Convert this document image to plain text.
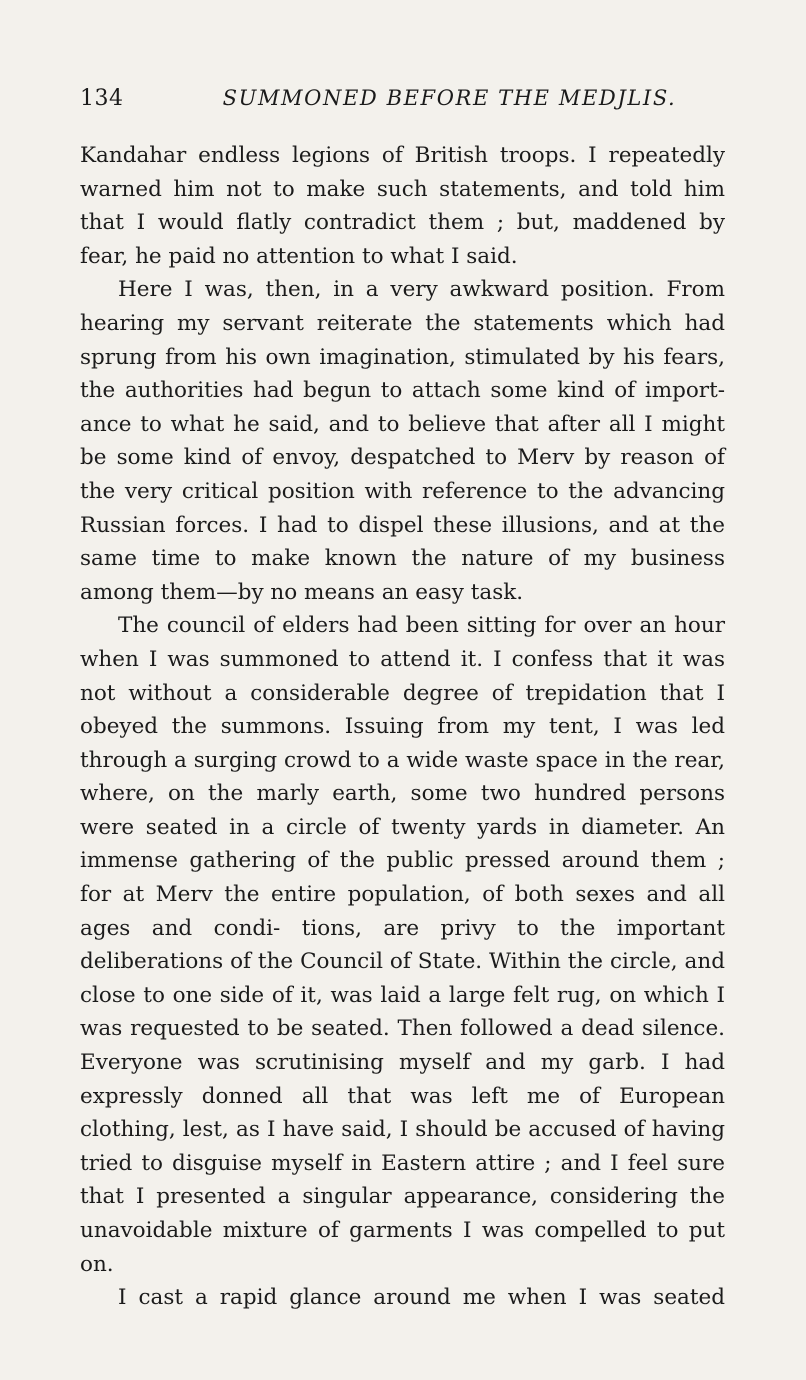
134	SUMMONED BEFORE THE MEDJLIS.

Kandahar endless legions of British troops. I repeatedly warned him not to make such statements, and told him that I would flatly contradict them ; but, maddened by fear, he paid no attention to what I said.

Here I was, then, in a very awkward position. From hearing my servant reiterate the statements which had sprung from his own imagination, stimulated by his fears, the authorities had begun to attach some kind of import- ance to what he said, and to believe that after all I might be some kind of envoy, despatched to Merv by reason of the very critical position with reference to the advancing Russian forces. I had to dispel these illusions, and at the same time to make known the nature of my business among them—by no means an easy task.

The council of elders had been sitting for over an hour when I was summoned to attend it. I confess that it was not without a considerable degree of trepidation that I obeyed the summons. Issuing from my tent, I was led through a surging crowd to a wide waste space in the rear, where, on the marly earth, some two hundred persons were seated in a circle of twenty yards in diameter. An immense gathering of the public pressed around them ; for at Merv the entire population, of both sexes and all ages and condi- tions, are privy to the important deliberations of the Council of State. Within the circle, and close to one side of it, was laid a large felt rug, on which I was requested to be seated. Then followed a dead silence. Everyone was scrutinising myself and my garb. I had expressly donned all that was left me of European clothing, lest, as I have said, I should be accused of having tried to disguise myself in Eastern attire ; and I feel sure that I presented a singular appearance, considering the unavoidable mixture of garments I was compelled to put on.

I cast a rapid glance around me when I was seated
